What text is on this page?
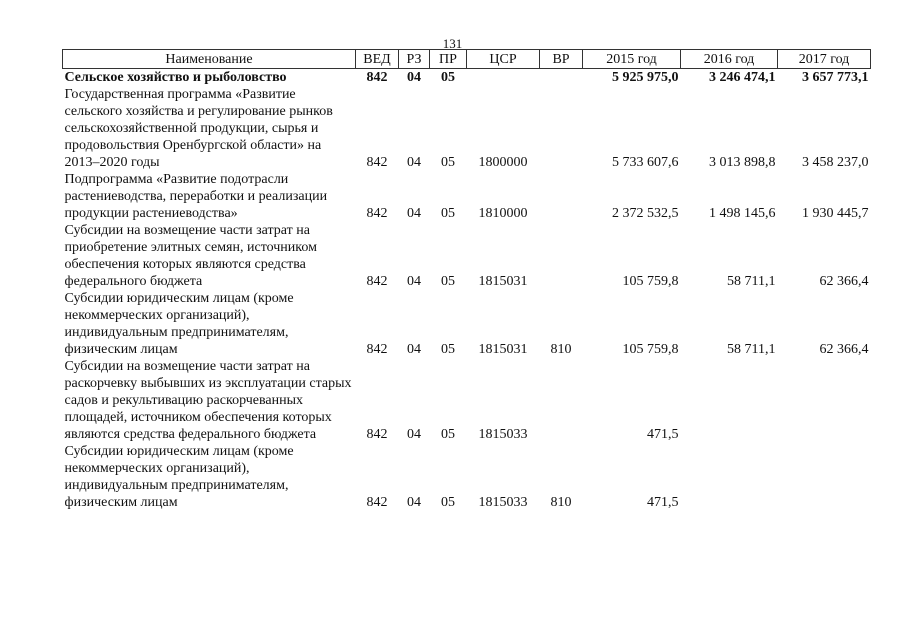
131
Наименование	ВЕД	РЗ	ПР	ЦСР	ВР	2015 год	2016 год	2017 год
Сельское хозяйство и рыболовство	842	04	05			5 925 975,0	3 246 474,1	3 657 773,1
Государственная программа «Развитие сельского хозяйства и регулирование рынков сельскохозяйственной продукции, сырья и продовольствия Оренбургской области» на 2013–2020 годы	842	04	05	1800000		5 733 607,6	3 013 898,8	3 458 237,0
Подпрограмма «Развитие подотрасли растениеводства, переработки и реализации продукции растениеводства»	842	04	05	1810000		2 372 532,5	1 498 145,6	1 930 445,7
Субсидии на возмещение части затрат на приобретение элитных семян, источником обеспечения которых являются средства федерального бюджета	842	04	05	1815031		105 759,8	58 711,1	62 366,4
Субсидии юридическим лицам (кроме некоммерческих организаций), индивидуальным предпринимателям, физическим лицам	842	04	05	1815031	810	105 759,8	58 711,1	62 366,4
Субсидии на возмещение части затрат на раскорчевку выбывших из эксплуатации старых садов и рекультивацию раскорчеванных площадей, источником обеспечения которых являются средства федерального бюджета	842	04	05	1815033		471,5		
Субсидии юридическим лицам (кроме некоммерческих организаций), индивидуальным предпринимателям, физическим лицам	842	04	05	1815033	810	471,5		
